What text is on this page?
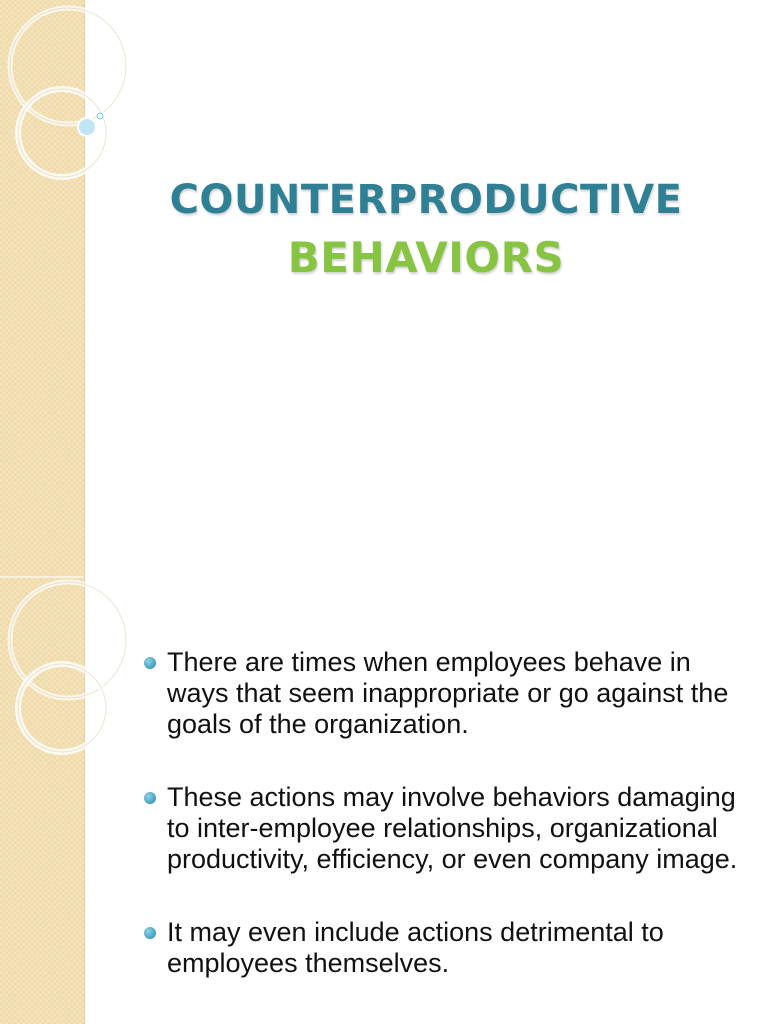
COUNTERPRODUCTIVE
BEHAVIORS
There are times when employees behave in ways that seem inappropriate or go against the goals of the organization.
These actions may involve behaviors damaging to inter-employee relationships, organizational productivity, efficiency, or even company image.
It may even include actions detrimental to employees themselves.
